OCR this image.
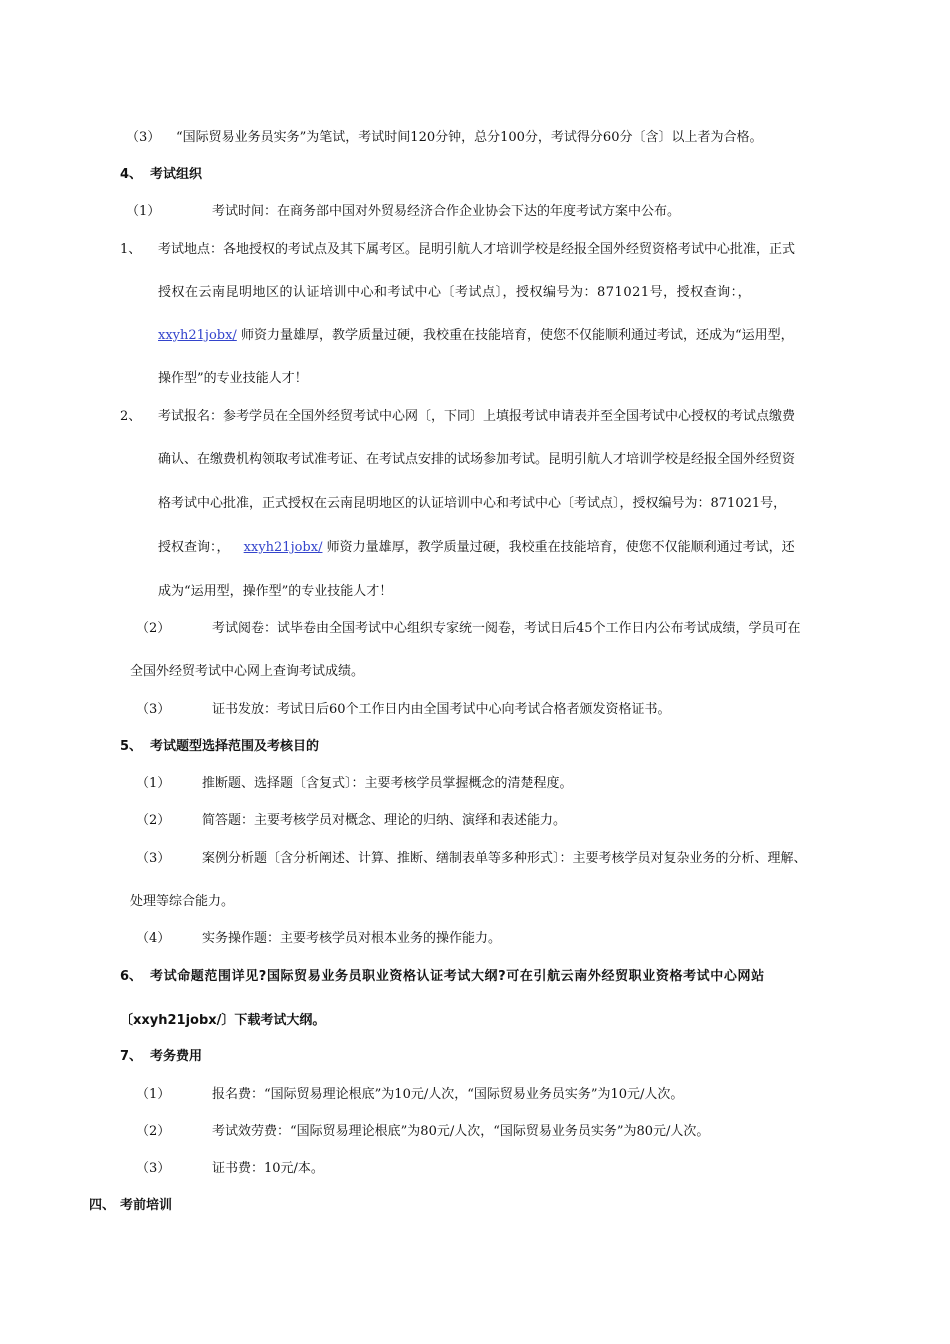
（3） “国际贸易业务员实务”为笔试，考试时间120分钟，总分100分，考试得分60分〔含〕以上者为合格。
4、 考试组织
（1）	考试时间：在商务部中国对外贸易经济合作企业协会下达的年度考试方案中公布。
1、 考试地点：各地授权的考试点及其下属考区。昆明引航人才培训学校是经报全国外经贸资格考试中心批准，正式
授权在云南昆明地区的认证培训中心和考试中心〔考试点〕，授权编号为：871021号，授权查询：，
xxyh21jobx/ 师资力量雄厚，教学质量过硬，我校重在技能培育，使您不仅能顺利通过考试，还成为“运用型，
操作型”的专业技能人才！
2、 考试报名：参考学员在全国外经贸考试中心网〔，下同〕上填报考试申请表并至全国考试中心授权的考试点缴费
确认、在缴费机构领取考试准考证、在考试点安排的试场参加考试。昆明引航人才培训学校是经报全国外经贸资
格考试中心批准，正式授权在云南昆明地区的认证培训中心和考试中心〔考试点〕，授权编号为：871021号，
授权查询：， xxyh21jobx/ 师资力量雄厚，教学质量过硬，我校重在技能培育，使您不仅能顺利通过考试，还
成为“运用型，操作型”的专业技能人才！
（2）	考试阅卷：试毕卷由全国考试中心组织专家统一阅卷，考试日后45个工作日内公布考试成绩，学员可在
全国外经贸考试中心网上查询考试成绩。
（3）	证书发放：考试日后60个工作日内由全国考试中心向考试合格者颁发资格证书。
5、 考试题型选择范围及考核目的
（1） 推断题、选择题〔含复式〕：主要考核学员掌握概念的清楚程度。
（2） 简答题：主要考核学员对概念、理论的归纳、演绎和表述能力。
（3） 案例分析题〔含分析阐述、计算、推断、缮制表单等多种形式〕：主要考核学员对复杂业务的分析、理解、
处理等综合能力。
（4） 实务操作题：主要考核学员对根本业务的操作能力。
6、 考试命题范围详见?国际贸易业务员职业资格认证考试大纲?可在引航云南外经贸职业资格考试中心网站
〔xxyh21jobx/〕下载考试大纲。
7、 考务费用
（1）	报名费：“国际贸易理论根底”为10元/人次，“国际贸易业务员实务”为10元/人次。
（2）	考试效劳费：“国际贸易理论根底”为80元/人次，“国际贸易业务员实务”为80元/人次。
（3）	证书费：10元/本。
四、 考前培训
